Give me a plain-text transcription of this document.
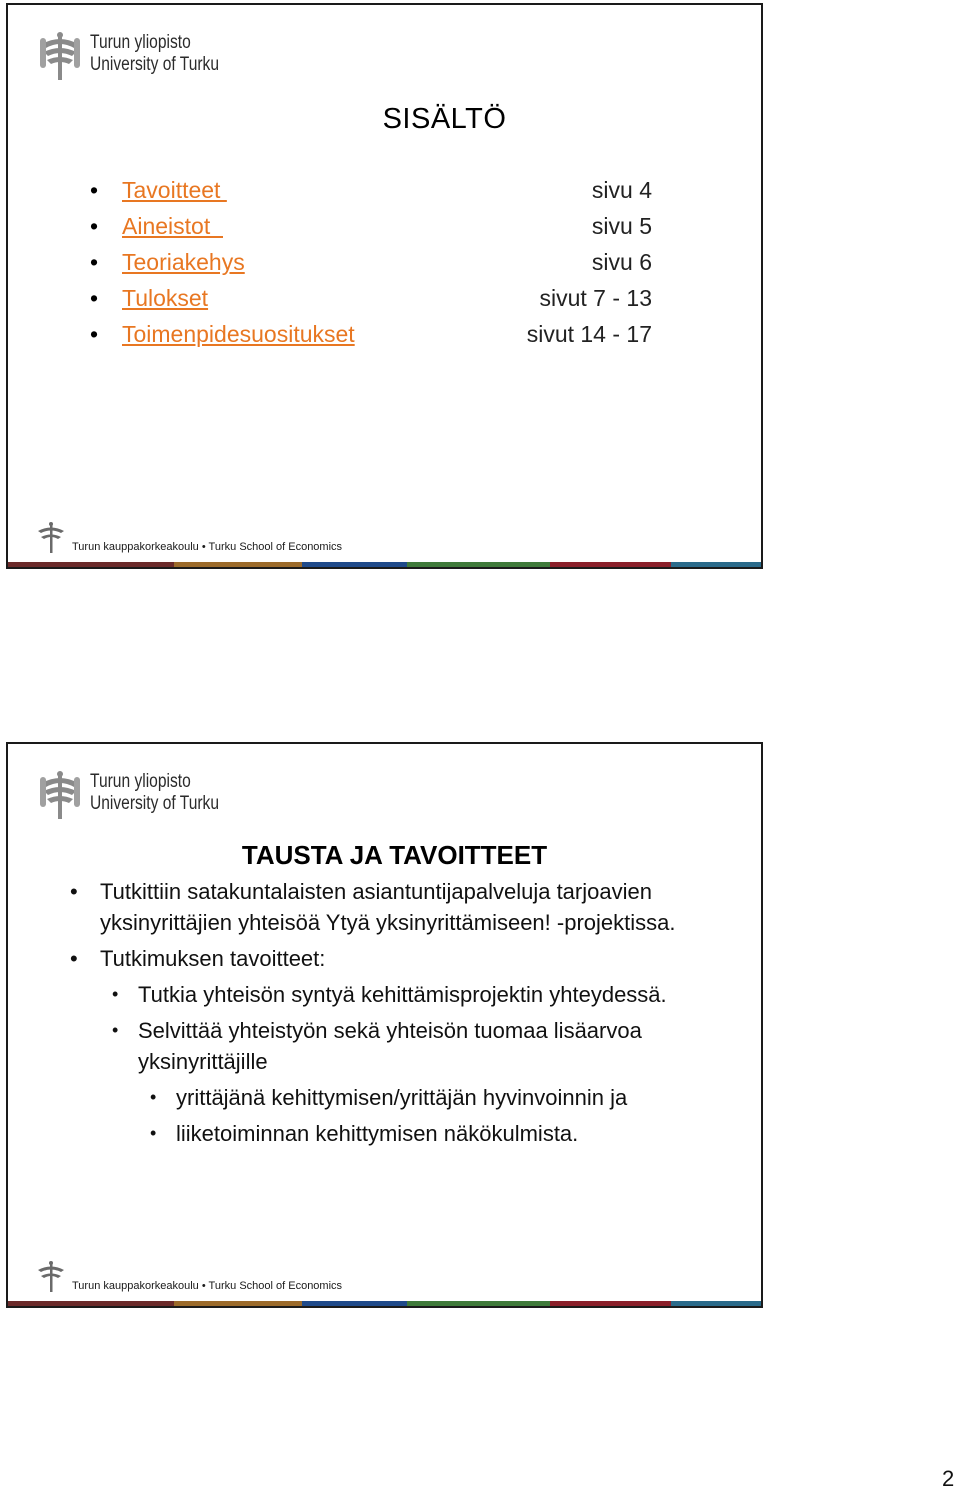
Turun yliopisto
University of Turku
SISÄLTÖ
• Tavoitteet	sivu 4
• Aineistot	sivu 5
• Teoriakehys	sivu 6
• Tulokset	sivut 7 - 13
• Toimenpidesuositukset	sivut 14 - 17
Turun kauppakorkeakoulu • Turku School of Economics
Turun yliopisto
University of Turku
TAUSTA JA TAVOITTEET
• Tutkittiin satakuntalaisten asiantuntijapalveluja tarjoavien yksinyrittäjien yhteisöä Ytyä yksinyrittämiseen! -projektissa.
• Tutkimuksen tavoitteet:
• Tutkia yhteisön syntyä kehittämisprojektin yhteydessä.
• Selvittää yhteistyön sekä yhteisön tuomaa lisäarvoa yksinyrittäjille
• yrittäjänä kehittymisen/yrittäjän hyvinvoinnin ja
• liiketoiminnan kehittymisen näkökulmista.
Turun kauppakorkeakoulu • Turku School of Economics
2
